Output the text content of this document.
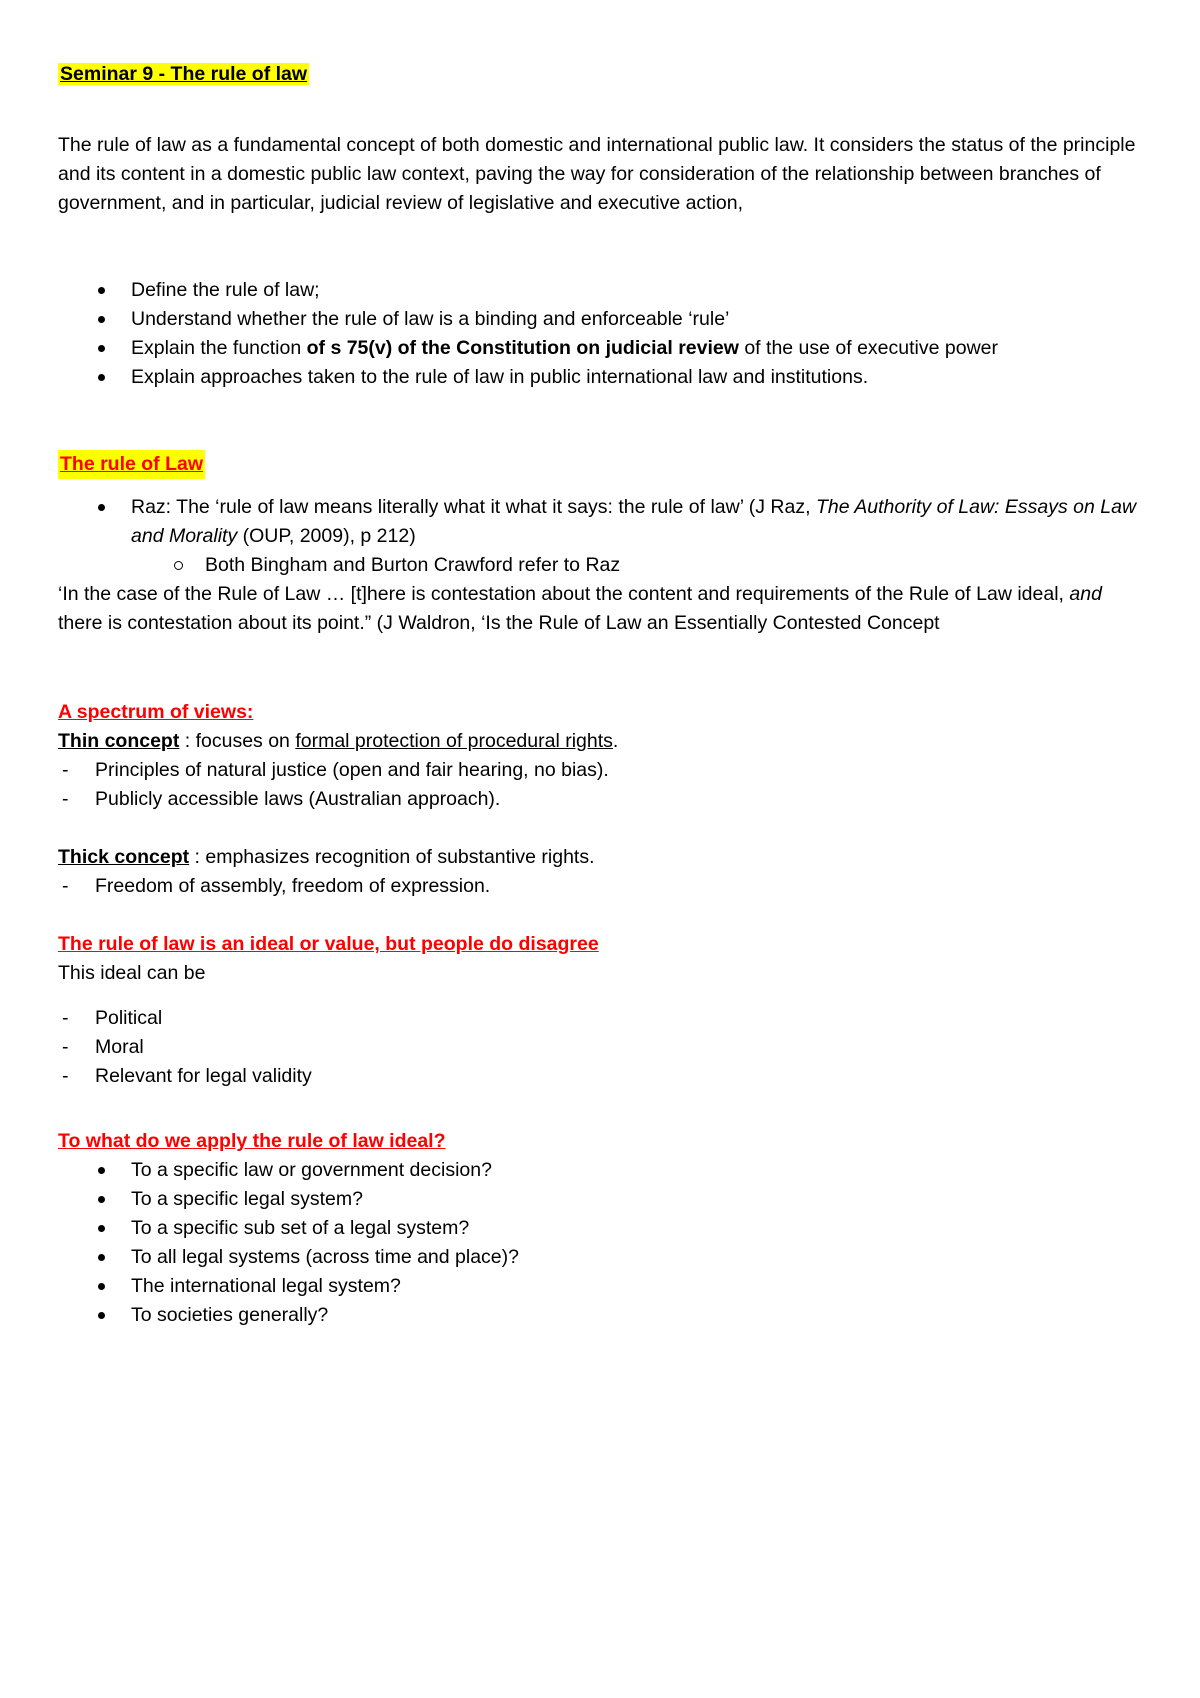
Seminar 9 - The rule of law

The rule of law as a fundamental concept of both domestic and international public law. It considers the status of the principle and its content in a domestic public law context, paving the way for consideration of the relationship between branches of government, and in particular, judicial review of legislative and executive action,

Define the rule of law;
Understand whether the rule of law is a binding and enforceable ‘rule’
Explain the function of s 75(v) of the Constitution on judicial review of the use of executive power
Explain approaches taken to the rule of law in public international law and institutions.

The rule of Law

Raz: The ‘rule of law means literally what it what it says: the rule of law’ (J Raz, The Authority of Law: Essays on Law and Morality (OUP, 2009), p 212)
Both Bingham and Burton Crawford refer to Raz

‘In the case of the Rule of Law … [t]here is contestation about the content and requirements of the Rule of Law ideal, and there is contestation about its point.” (J Waldron, ‘Is the Rule of Law an Essentially Contested Concept

A spectrum of views:

Thin concept : focuses on formal protection of procedural rights.

- Principles of natural justice (open and fair hearing, no bias).
- Publicly accessible laws (Australian approach).

Thick concept : emphasizes recognition of substantive rights.

- Freedom of assembly, freedom of expression.

The rule of law is an ideal or value, but people do disagree

This ideal can be

- Political
- Moral
- Relevant for legal validity

To what do we apply the rule of law ideal?

To a specific law or government decision?
To a specific legal system?
To a specific sub set of a legal system?
To all legal systems (across time and place)?
The international legal system?
To societies generally?
